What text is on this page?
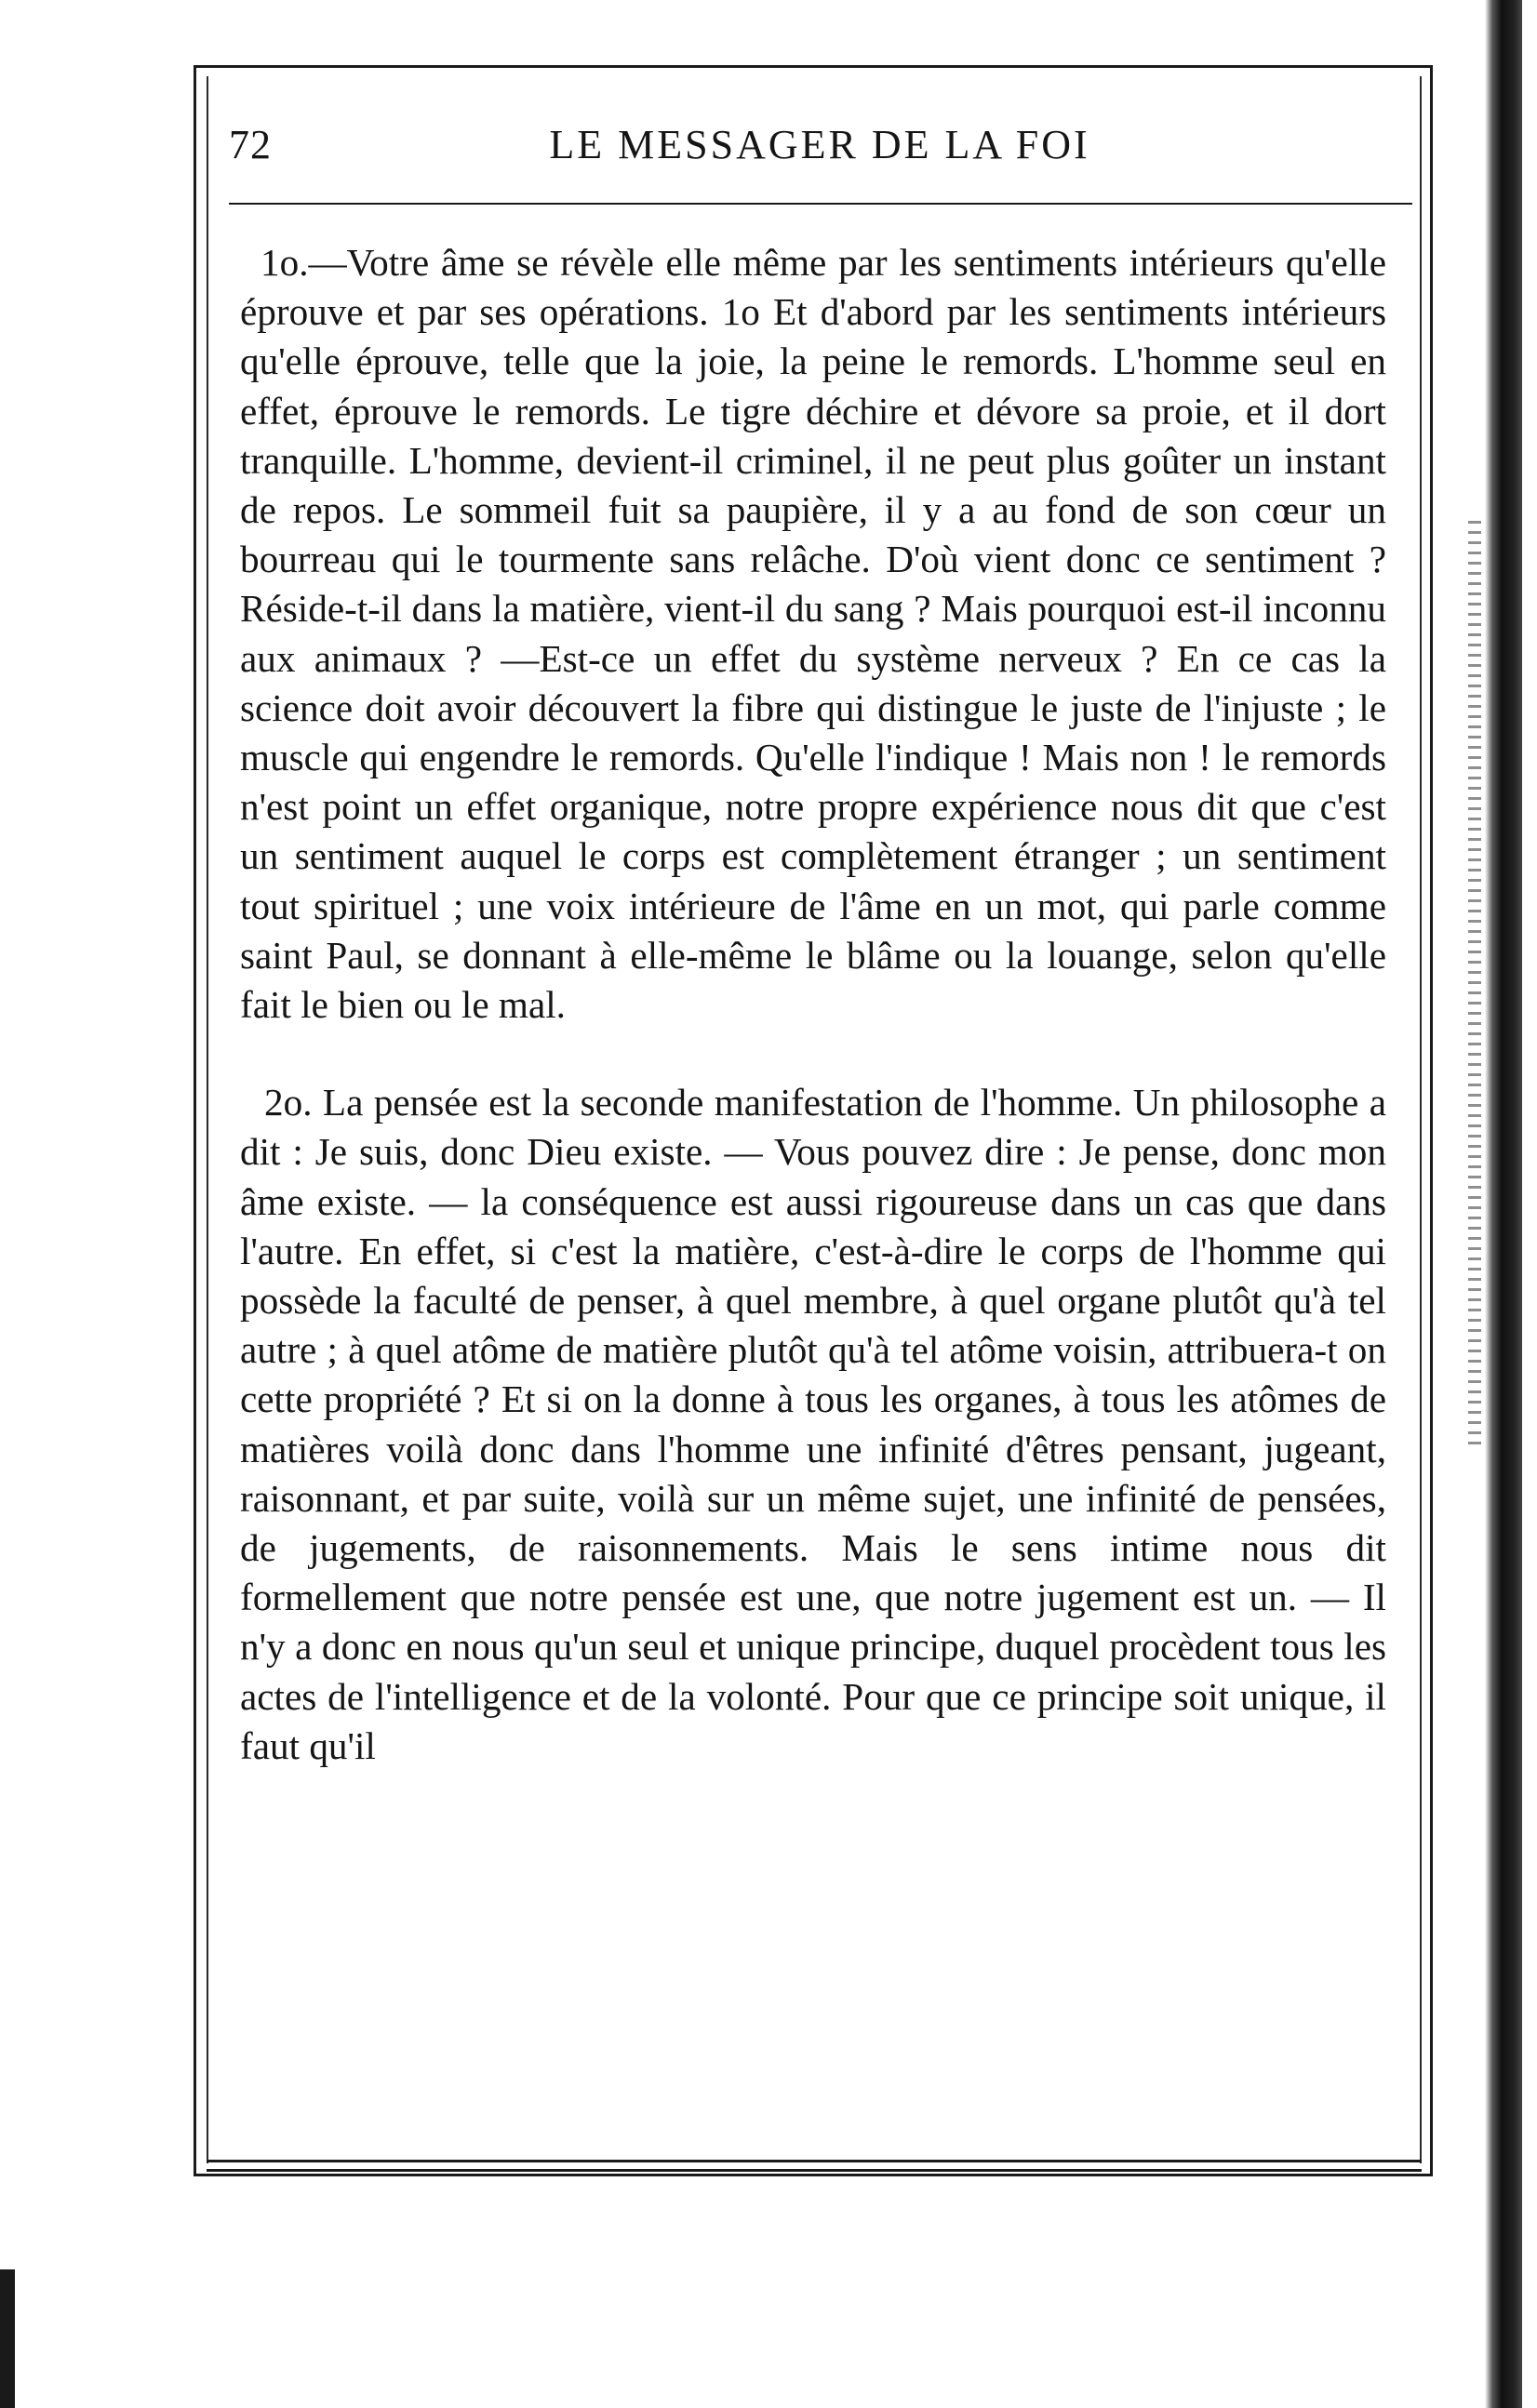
72	LE MESSAGER DE LA FOI

1o.—Votre âme se révèle elle même par les sentiments intérieurs qu'elle éprouve et par ses opérations. 1o Et d'abord par les sentiments intérieurs qu'elle éprouve, telle que la joie, la peine le remords. L'homme seul en effet, éprouve le remords. Le tigre déchire et dévore sa proie, et il dort tranquille. L'homme, devient-il criminel, il ne peut plus goûter un instant de repos. Le sommeil fuit sa paupière, il y a au fond de son cœur un bourreau qui le tourmente sans relâche. D'où vient donc ce sentiment ? Réside-t-il dans la matière, vient-il du sang ? Mais pourquoi est-il inconnu aux animaux ? —Est-ce un effet du système nerveux ? En ce cas la science doit avoir découvert la fibre qui distingue le juste de l'injuste ; le muscle qui engendre le remords. Qu'elle l'indique ! Mais non ! le remords n'est point un effet organique, notre propre expérience nous dit que c'est un sentiment auquel le corps est complètement étranger ; un sentiment tout spirituel ; une voix intérieure de l'âme en un mot, qui parle comme saint Paul, se donnant à elle-même le blâme ou la louange, selon qu'elle fait le bien ou le mal.

2o. La pensée est la seconde manifestation de l'homme. Un philosophe a dit : Je suis, donc Dieu existe. — Vous pouvez dire : Je pense, donc mon âme existe. — la conséquence est aussi rigoureuse dans un cas que dans l'autre. En effet, si c'est la matière, c'est-à-dire le corps de l'homme qui possède la faculté de penser, à quel membre, à quel organe plutôt qu'à tel autre ; à quel atôme de matière plutôt qu'à tel atôme voisin, attribuera-t on cette propriété ? Et si on la donne à tous les organes, à tous les atômes de matières voilà donc dans l'homme une infinité d'êtres pensant, jugeant, raisonnant, et par suite, voilà sur un même sujet, une infinité de pensées, de jugements, de raisonnements. Mais le sens intime nous dit formellement que notre pensée est une, que notre jugement est un. — Il n'y a donc en nous qu'un seul et unique principe, duquel procèdent tous les actes de l'intelligence et de la volonté. Pour que ce principe soit unique, il faut qu'il
